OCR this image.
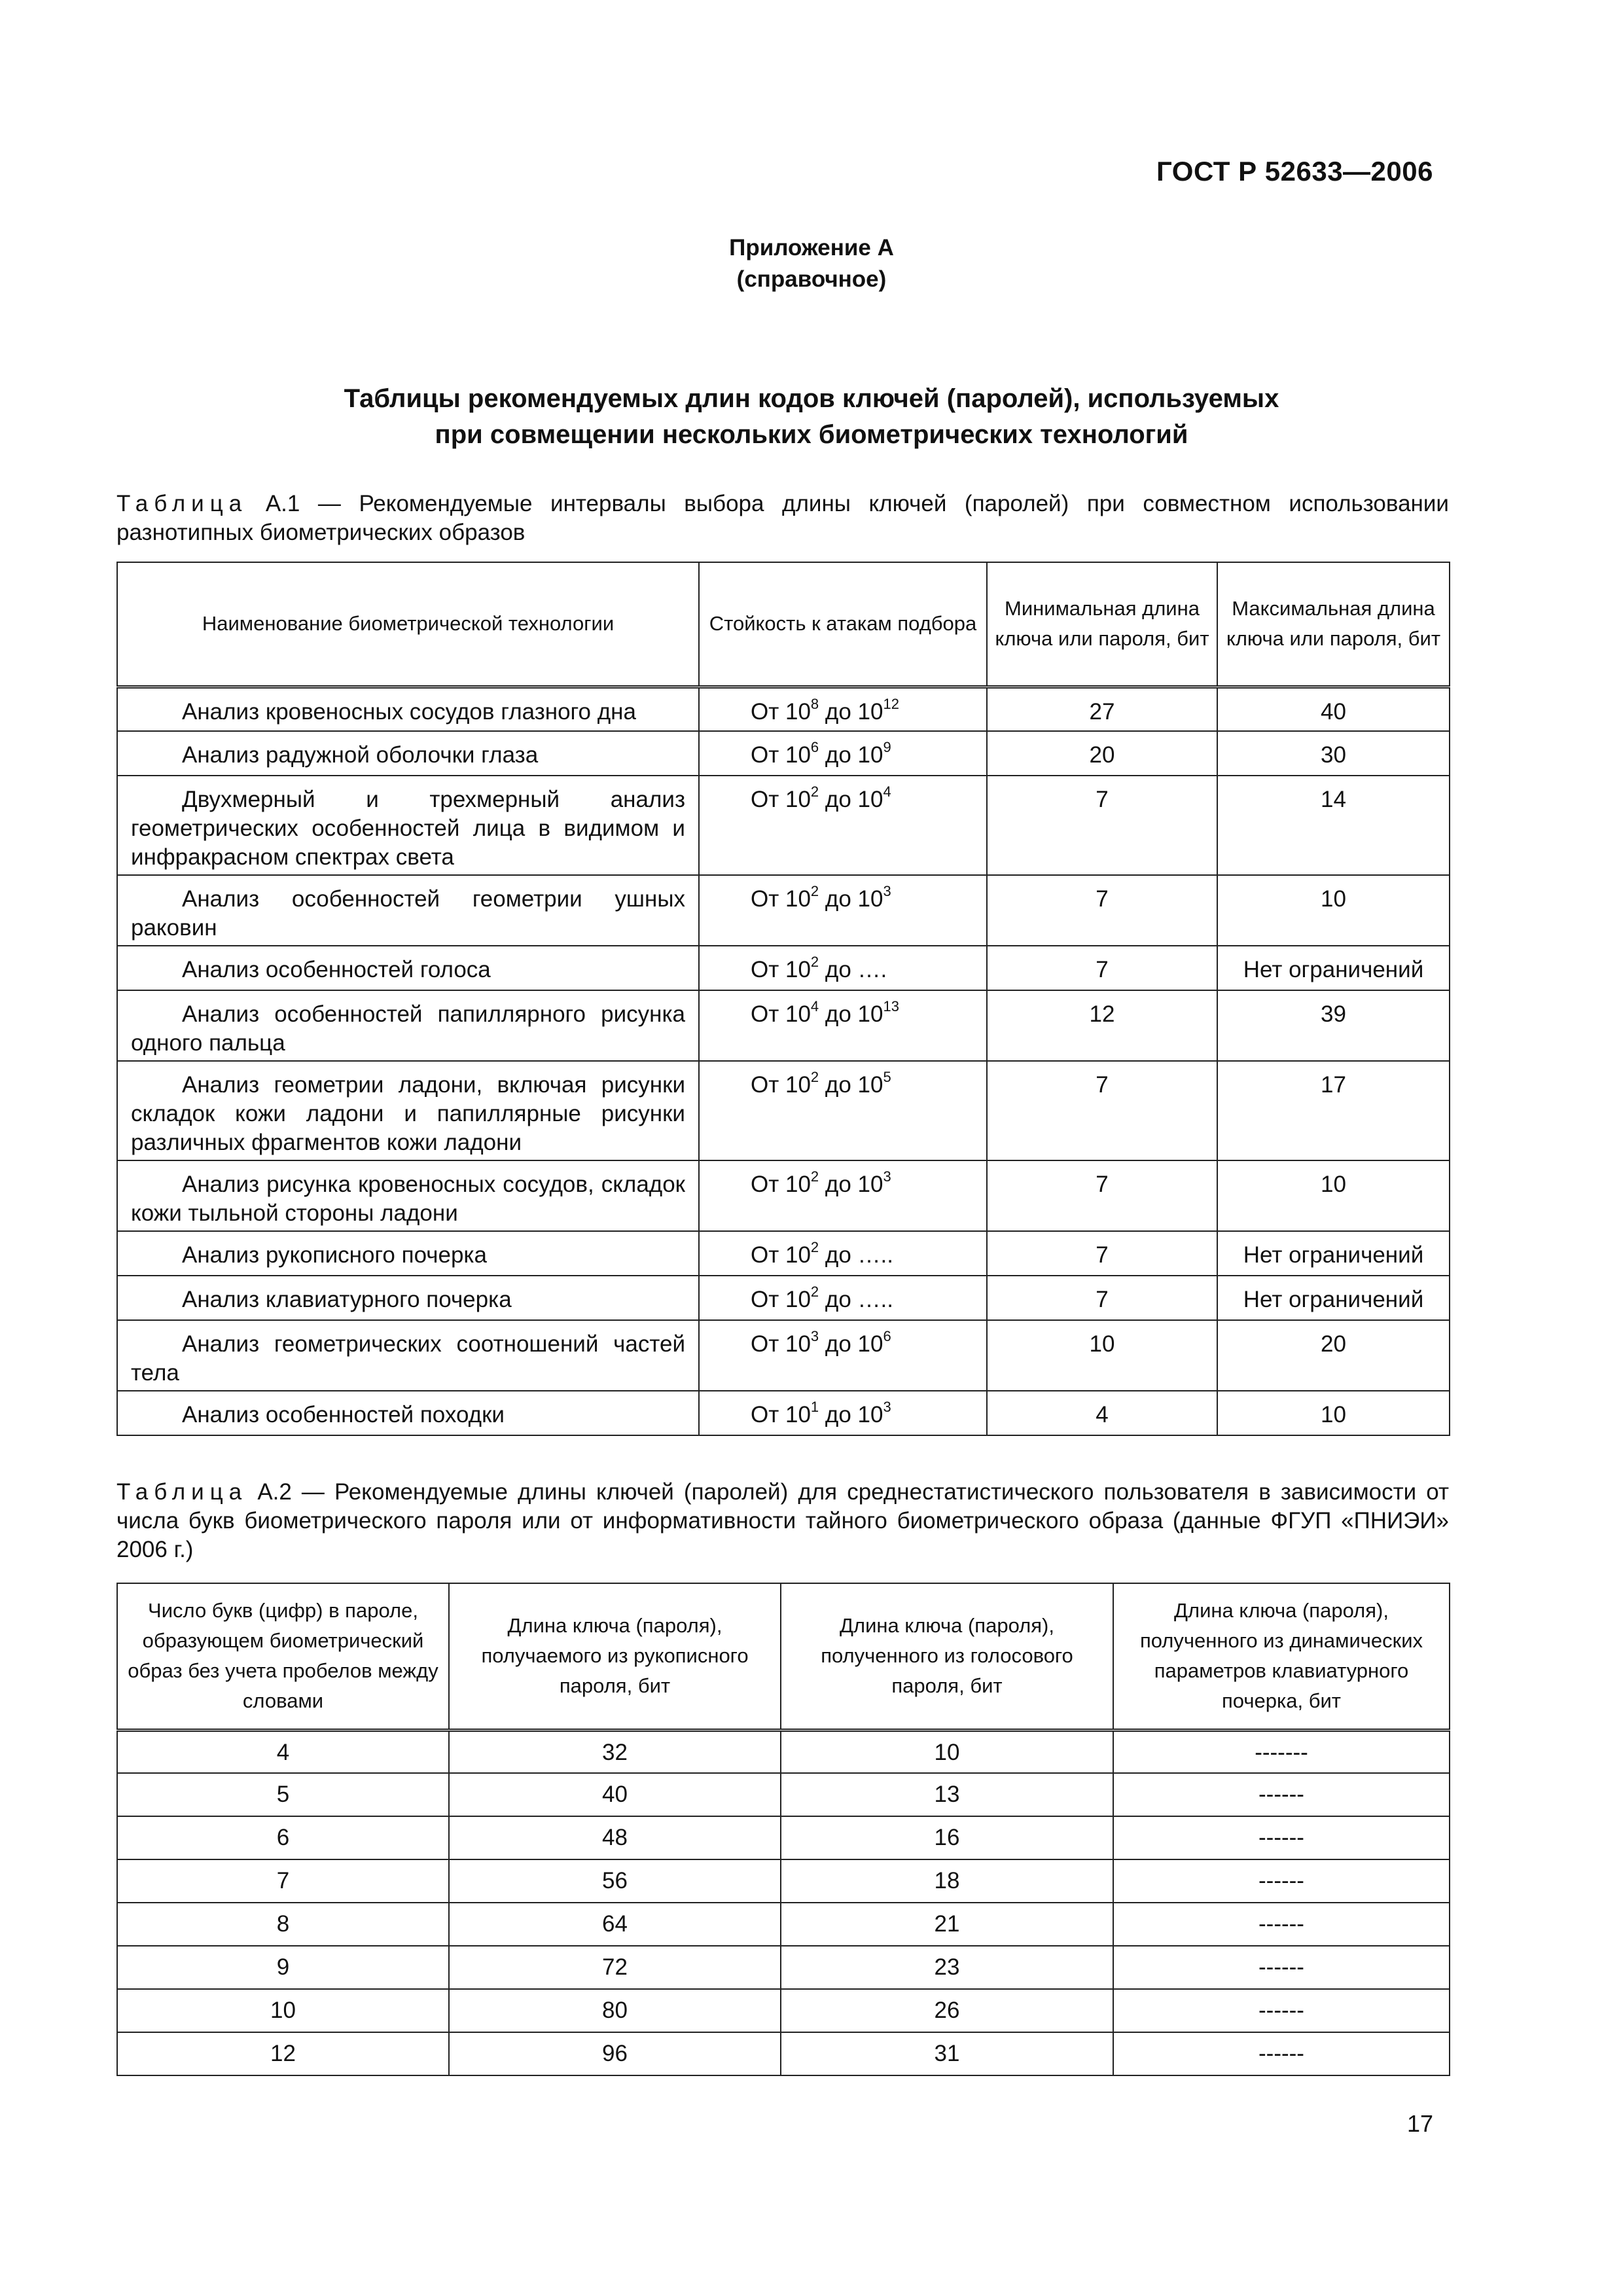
ГОСТ Р 52633—2006
Приложение А
(справочное)
Таблицы рекомендуемых длин кодов ключей (паролей), используемых
при совмещении нескольких биометрических технологий
Таблица А.1 — Рекомендуемые интервалы выбора длины ключей (паролей) при совместном использовании разнотипных биометрических образов
Наименование биометрической технологии	Стойкость к атакам подбора	Минимальная длина ключа или пароля, бит	Максимальная длина ключа или пароля, бит
Анализ кровеносных сосудов глазного дна	От $10^8$ до $10^{12}$	27	40
Анализ радужной оболочки глаза	От $10^6$ до $10^9$	20	30
Двухмерный и трехмерный анализ геометрических особенностей лица в видимом и инфракрасном спектрах света	От $10^2$ до $10^4$	7	14
Анализ особенностей геометрии ушных раковин	От $10^2$ до $10^3$	7	10
Анализ особенностей голоса	От $10^2$ до ….	7	Нет ограничений
Анализ особенностей папиллярного рисунка одного пальца	От $10^4$ до $10^{13}$	12	39
Анализ геометрии ладони, включая рисунки складок кожи ладони и папиллярные рисунки различных фрагментов кожи ладони	От $10^2$ до $10^5$	7	17
Анализ рисунка кровеносных сосудов, складок кожи тыльной стороны ладони	От $10^2$ до $10^3$	7	10
Анализ рукописного почерка	От $10^2$ до …..	7	Нет ограничений
Анализ клавиатурного почерка	От $10^2$ до …..	7	Нет ограничений
Анализ геометрических соотношений частей тела	От $10^3$ до $10^6$	10	20
Анализ особенностей походки	От $10^1$ до $10^3$	4	10
Таблица А.2 — Рекомендуемые длины ключей (паролей) для среднестатистического пользователя в зависимости от числа букв биометрического пароля или от информативности тайного биометрического образа (данные ФГУП «ПНИЭИ» 2006 г.)
Число букв (цифр) в пароле, образующем биометрический образ без учета пробелов между словами	Длина ключа (пароля), получаемого из рукописного пароля, бит	Длина ключа (пароля), полученного из голосового пароля, бит	Длина ключа (пароля), полученного из динамических параметров клавиатурного почерка, бит
4	32	10	-------
5	40	13	------
6	48	16	------
7	56	18	------
8	64	21	------
9	72	23	------
10	80	26	------
12	96	31	------
17
